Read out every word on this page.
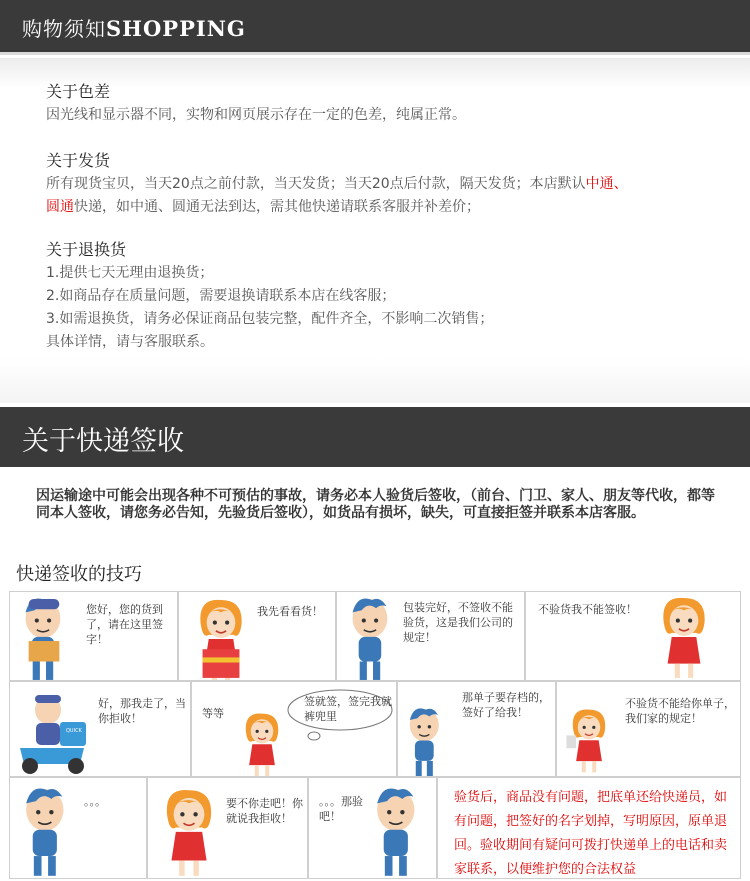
购物须知SHOPPING
关于色差
因光线和显示器不同，实物和网页展示存在一定的色差，纯属正常。
关于发货
所有现货宝贝，当天20点之前付款，当天发货；当天20点后付款，隔天发货；本店默认中通、
圆通快递，如中通、圆通无法到达，需其他快递请联系客服并补差价；
关于退换货
1.提供七天无理由退换货；
2.如商品存在质量问题，需要退换请联系本店在线客服；
3.如需退换货，请务必保证商品包装完整，配件齐全，不影响二次销售；
具体详情，请与客服联系。
关于快递签收
因运输途中可能会出现各种不可预估的事故，请务必本人验货后签收，（前台、门卫、家人、朋友等代收，都等同本人签收，请您务必告知，先验货后签收），如货品有损坏，缺失，可直接拒签并联系本店客服。
快递签收的技巧
您好，您的货到了，请在这里签字！
我先看看货！	包装完好，不签收不能验货，这是我们公司的规定！
不验货我不能签收！
QUICK
好，那我走了，当你拒收！	等等
签就签，签完我就裤兜里
那单子要存档的，签好了给我！
不验货不能给你单子，我们家的规定！
。。。	要不你走吧！你就说我拒收！
。。。那验吧！
验货后，商品没有问题，把底单还给快递员，如有问题，把签好的名字划掉，写明原因，原单退回。验收期间有疑问可拨打快递单上的电话和卖家联系，以便维护您的合法权益
